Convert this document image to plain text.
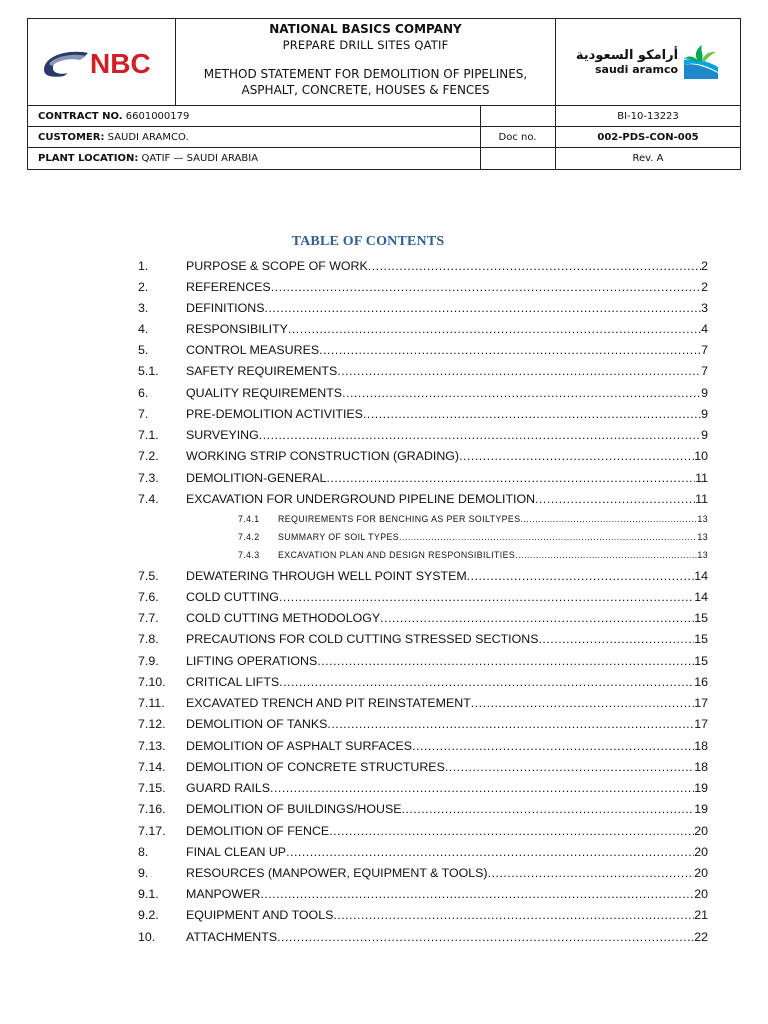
NBC
NATIONAL BASICS COMPANY
PREPARE DRILL SITES QATIF
METHOD STATEMENT FOR DEMOLITION OF PIPELINES,
ASPHALT, CONCRETE, HOUSES & FENCES
أرامكو السعودية
saudi aramco
CONTRACT NO. 6601000179	BI-10-13223
CUSTOMER: SAUDI ARAMCO.	Doc no.	002-PDS-CON-005
PLANT LOCATION: QATIF — SAUDI ARABIA	Rev. A
TABLE OF CONTENTS
1.	PURPOSE & SCOPE OF WORK .....	2
2.	REFERENCES .....	2
3.	DEFINITIONS .....	3
4.	RESPONSIBILITY .....	4
5.	CONTROL MEASURES .....	7
5.1. SAFETY REQUIREMENTS .....	7
6.	QUALITY REQUIREMENTS .....	9
7.	PRE-DEMOLITION ACTIVITIES .....	9
7.1. SURVEYING .....	9
7.2. WORKING STRIP CONSTRUCTION (GRADING) .....	10
7.3. DEMOLITION-GENERAL .....	11
7.4. EXCAVATION FOR UNDERGROUND PIPELINE DEMOLITION .....	11
7.4.1 REQUIREMENTS FOR BENCHING AS PER SOILTYPES .....	13
7.4.2 SUMMARY OF SOIL TYPES .....	13
7.4.3 EXCAVATION PLAN AND DESIGN RESPONSIBILITIES .....	13
7.5. DEWATERING THROUGH WELL POINT SYSTEM .....	14
7.6. COLD CUTTING .....	14
7.7. COLD CUTTING METHODOLOGY .....	15
7.8. PRECAUTIONS FOR COLD CUTTING STRESSED SECTIONS .....	15
7.9. LIFTING OPERATIONS .....	15
7.10. CRITICAL LIFTS .....	16
7.11. EXCAVATED TRENCH AND PIT REINSTATEMENT .....	17
7.12. DEMOLITION OF TANKS .....	17
7.13. DEMOLITION OF ASPHALT SURFACES .....	18
7.14. DEMOLITION OF CONCRETE STRUCTURES .....	18
7.15. GUARD RAILS .....	19
7.16. DEMOLITION OF BUILDINGS/HOUSE .....	19
7.17. DEMOLITION OF FENCE .....	20
8.	FINAL CLEAN UP .....	20
9.	RESOURCES (MANPOWER, EQUIPMENT & TOOLS) .....	20
9.1. MANPOWER .....	20
9.2. EQUIPMENT AND TOOLS .....	21
10. ATTACHMENTS .....	22
